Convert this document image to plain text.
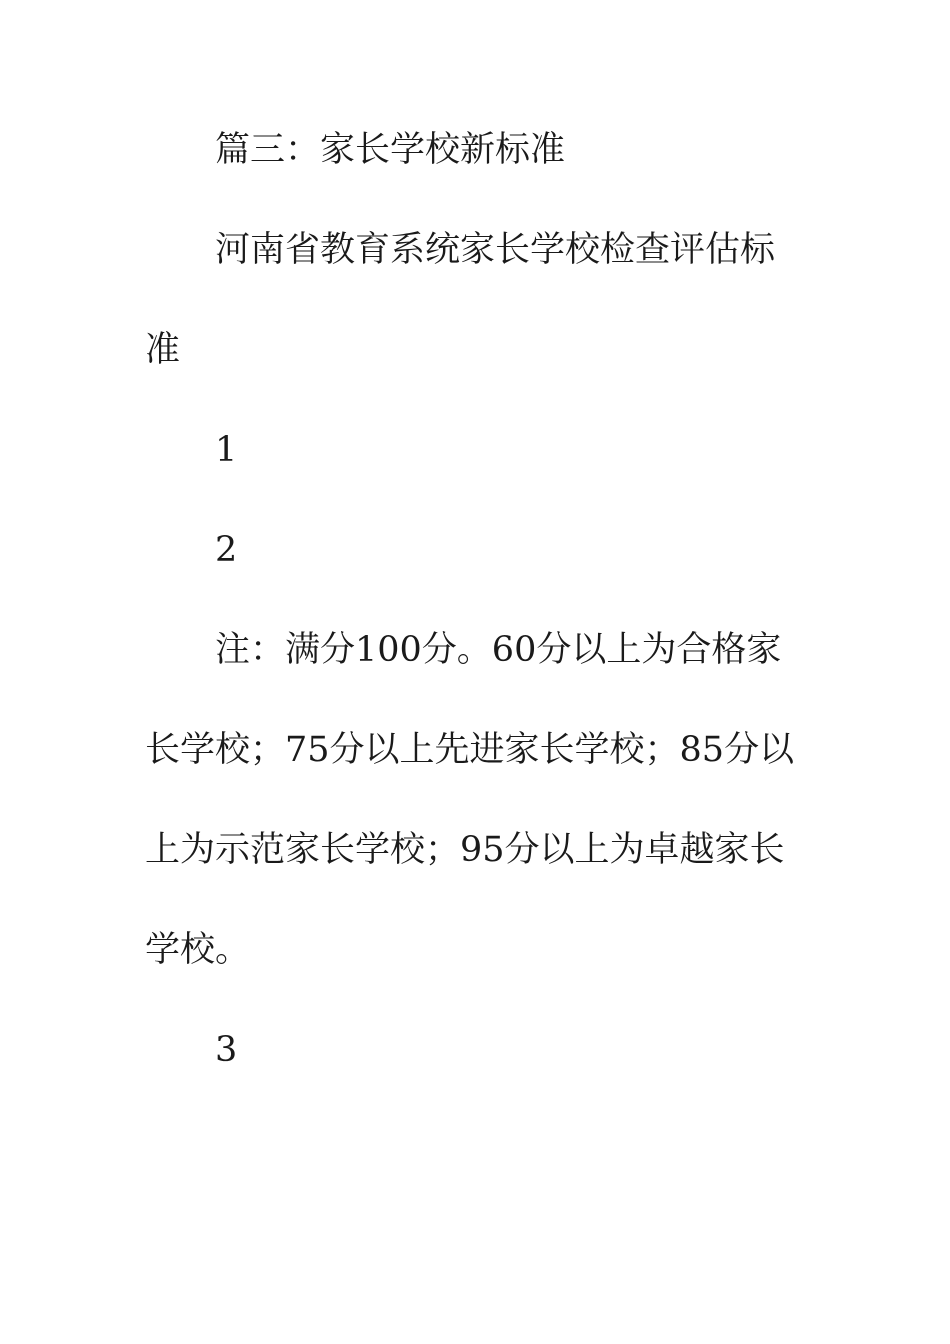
篇三：家长学校新标准

河南省教育系统家长学校检查评估标准

1

2

注：满分100分。60分以上为合格家长学校；75分以上先进家长学校；85分以上为示范家长学校；95分以上为卓越家长学校。

3
